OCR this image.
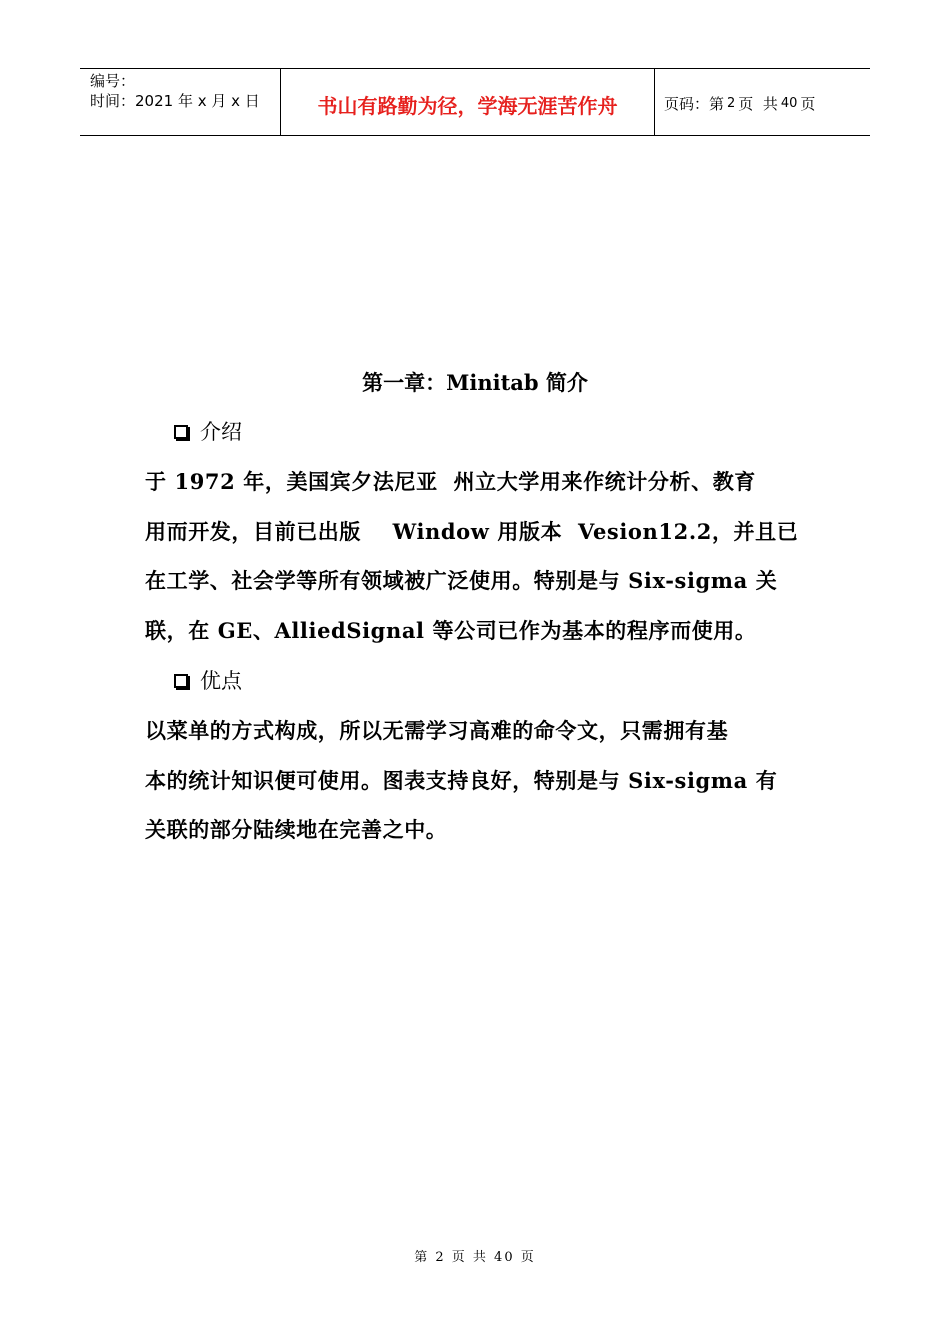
编号：
时间：2021 年 x 月 x 日	书山有路勤为径，学海无涯苦作舟	页码：第 2 页  共 40 页
第一章：Minitab 简介
介绍
于 1972 年，美国宾夕法尼亚  州立大学用来作统计分析、教育
用而开发，目前已出版    Window 用版本  Vesion12.2，并且已
在工学、社会学等所有领域被广泛使用。特别是与 Six-sigma 关
联，在 GE、AlliedSignal 等公司已作为基本的程序而使用。
优点
以菜单的方式构成，所以无需学习高难的命令文，只需拥有基
本的统计知识便可使用。图表支持良好，特别是与 Six-sigma 有
关联的部分陆续地在完善之中。
第 2 页 共 40 页
